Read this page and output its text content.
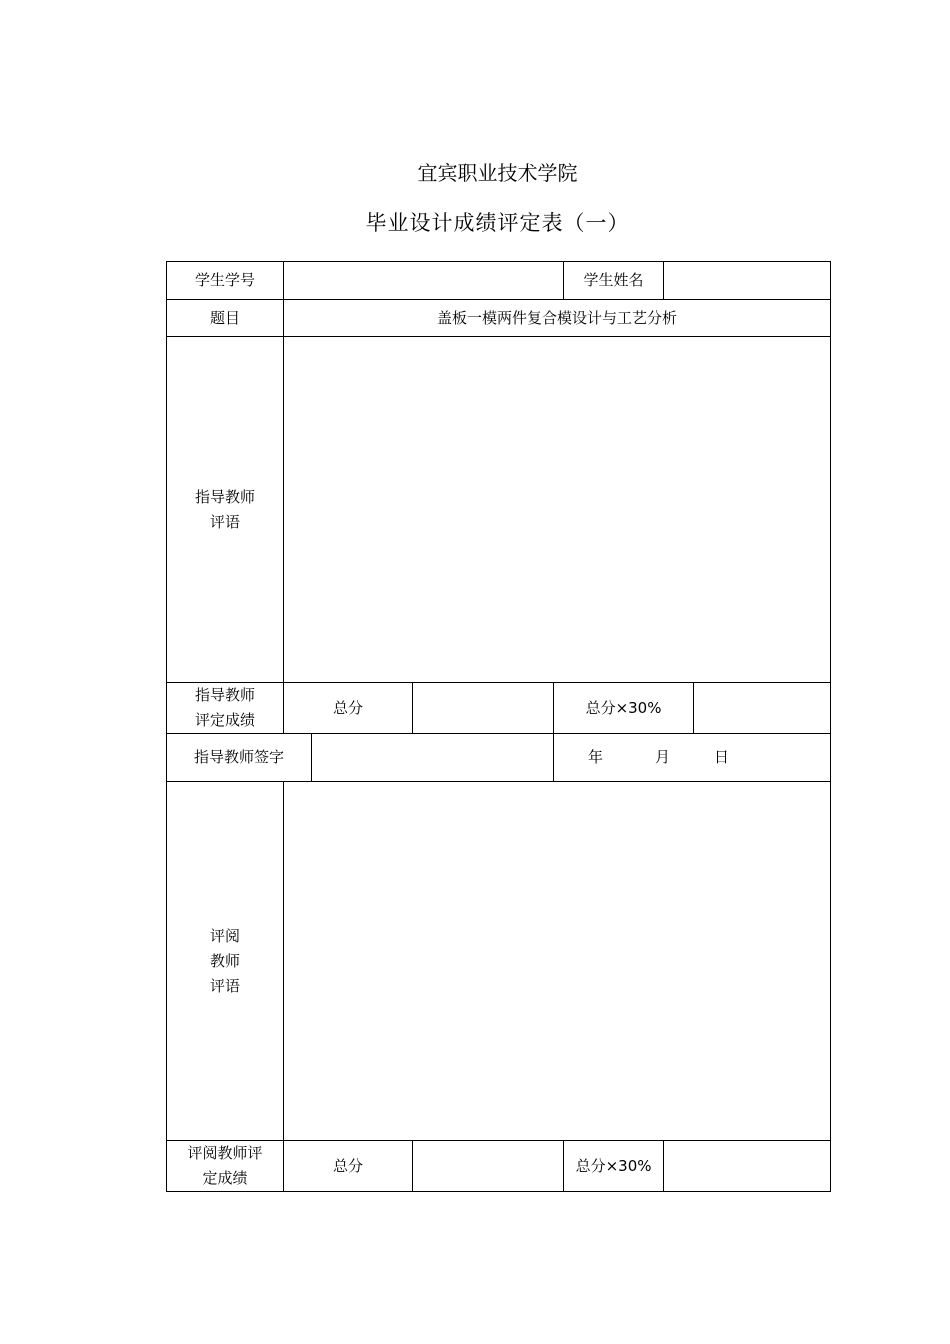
宜宾职业技术学院
毕业设计成绩评定表（一）
学生学号					学生姓名		
题目	盖板一模两件复合模设计与工艺分析						

指导教师
评语							

指导教师
评定成绩	总分			总分×30%			
指导教师签字				年 月 日			

评阅
教师
评语							

评阅教师评
定成绩	总分				总分×30%		
